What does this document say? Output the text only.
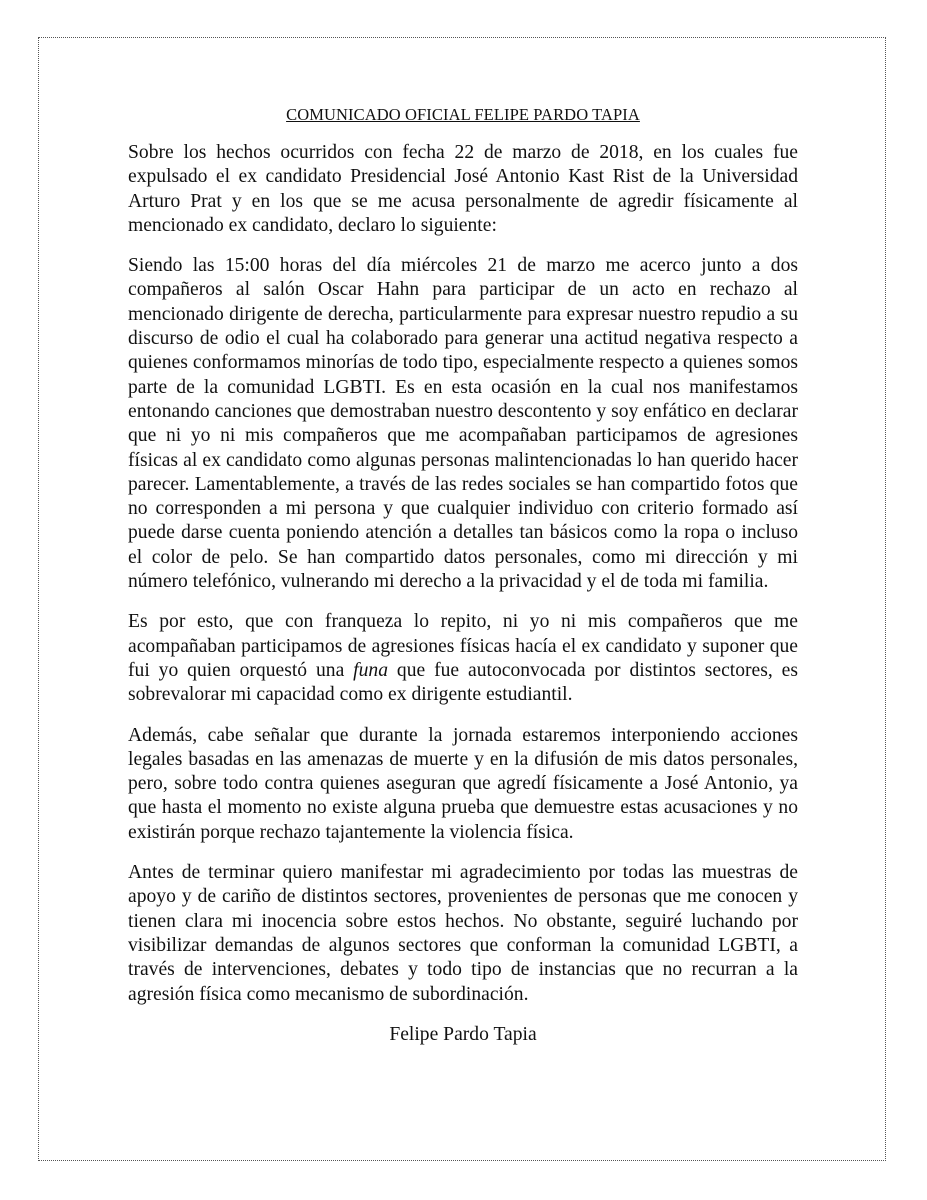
COMUNICADO OFICIAL FELIPE PARDO TAPIA

Sobre los hechos ocurridos con fecha 22 de marzo de 2018, en los cuales fue expulsado el ex candidato Presidencial José Antonio Kast Rist de la Universidad Arturo Prat y en los que se me acusa personalmente de agredir físicamente al mencionado ex candidato, declaro lo siguiente:

Siendo las 15:00 horas del día miércoles 21 de marzo me acerco junto a dos compañeros al salón Oscar Hahn para participar de un acto en rechazo al mencionado dirigente de derecha, particularmente para expresar nuestro repudio a su discurso de odio el cual ha colaborado para generar una actitud negativa respecto a quienes conformamos minorías de todo tipo, especialmente respecto a quienes somos parte de la comunidad LGBTI. Es en esta ocasión en la cual nos manifestamos entonando canciones que demostraban nuestro descontento y soy enfático en declarar que ni yo ni mis compañeros que me acompañaban participamos de agresiones físicas al ex candidato como algunas personas malintencionadas lo han querido hacer parecer. Lamentablemente, a través de las redes sociales se han compartido fotos que no corresponden a mi persona y que cualquier individuo con criterio formado así puede darse cuenta poniendo atención a detalles tan básicos como la ropa o incluso el color de pelo. Se han compartido datos personales, como mi dirección y mi número telefónico, vulnerando mi derecho a la privacidad y el de toda mi familia.

Es por esto, que con franqueza lo repito, ni yo ni mis compañeros que me acompañaban participamos de agresiones físicas hacía el ex candidato y suponer que fui yo quien orquestó una funa que fue autoconvocada por distintos sectores, es sobrevalorar mi capacidad como ex dirigente estudiantil.

Además, cabe señalar que durante la jornada estaremos interponiendo acciones legales basadas en las amenazas de muerte y en la difusión de mis datos personales, pero, sobre todo contra quienes aseguran que agredí físicamente a José Antonio, ya que hasta el momento no existe alguna prueba que demuestre estas acusaciones y no existirán porque rechazo tajantemente la violencia física.

Antes de terminar quiero manifestar mi agradecimiento por todas las muestras de apoyo y de cariño de distintos sectores, provenientes de personas que me conocen y tienen clara mi inocencia sobre estos hechos. No obstante, seguiré luchando por visibilizar demandas de algunos sectores que conforman la comunidad LGBTI, a través de intervenciones, debates y todo tipo de instancias que no recurran a la agresión física como mecanismo de subordinación.

Felipe Pardo Tapia
